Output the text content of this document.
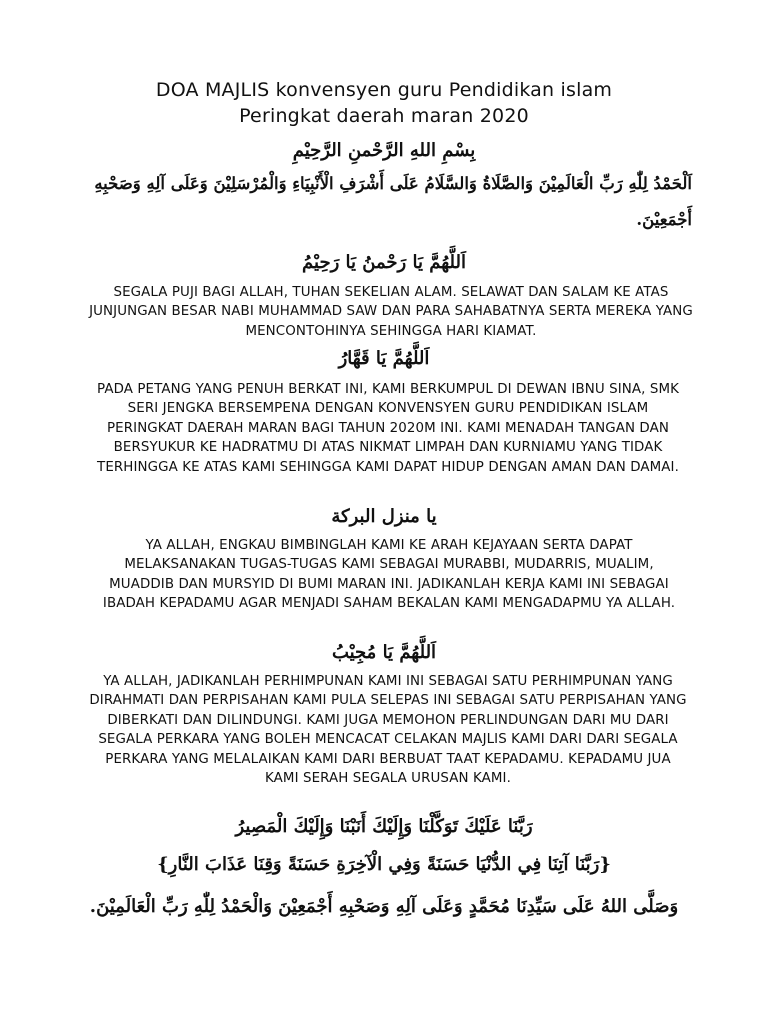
DOA MAJLIS konvensyen guru Pendidikan islam
Peringkat daerah maran 2020
بِسْمِ اللهِ الرَّحْمنِ الرَّحِيْمِ
اَلْحَمْدُ لِلّٰهِ رَبِّ الْعَالَمِيْنَ وَالصَّلَاةُ وَالسَّلَامُ عَلَى أَشْرَفِ الْأَنْبِيَاءِ وَالْمُرْسَلِيْنَ وَعَلَى آلِهِ وَصَحْبِهِ أَجْمَعِيْنَ.
اَللَّهُمَّ يَا رَحْمنُ يَا رَحِيْمُ
SEGALA PUJI BAGI ALLAH, TUHAN SEKELIAN ALAM. SELAWAT DAN SALAM KE ATAS JUNJUNGAN BESAR NABI MUHAMMAD SAW DAN PARA SAHABATNYA SERTA MEREKA YANG MENCONTOHINYA SEHINGGA HARI KIAMAT.
اَللَّهُمَّ يَا قَهَّارُ
PADA PETANG YANG PENUH BERKAT INI, KAMI BERKUMPUL DI DEWAN IBNU SINA, SMK SERI JENGKA BERSEMPENA DENGAN KONVENSYEN GURU PENDIDIKAN ISLAM PERINGKAT DAERAH MARAN BAGI TAHUN 2020M INI. KAMI MENADAH TANGAN DAN BERSYUKUR KE HADRATMU DI ATAS NIKMAT LIMPAH DAN KURNIAMU YANG TIDAK TERHINGGA KE ATAS KAMI SEHINGGA KAMI DAPAT HIDUP DENGAN AMAN DAN DAMAI.
يا منزل البركة
YA ALLAH, ENGKAU BIMBINGLAH KAMI KE ARAH KEJAYAAN SERTA DAPAT MELAKSANAKAN TUGAS-TUGAS KAMI SEBAGAI MURABBI, MUDARRIS, MUALIM, MUADDIB DAN MURSYID DI BUMI MARAN INI. JADIKANLAH KERJA KAMI INI SEBAGAI IBADAH KEPADAMU AGAR MENJADI SAHAM BEKALAN KAMI MENGADAPMU YA ALLAH.
اَللَّهُمَّ يَا مُجِيْبُ
YA ALLAH, JADIKANLAH PERHIMPUNAN KAMI INI SEBAGAI SATU PERHIMPUNAN YANG DIRAHMATI DAN PERPISAHAN KAMI PULA SELEPAS INI SEBAGAI SATU PERPISAHAN YANG DIBERKATI DAN DILINDUNGI. KAMI JUGA MEMOHON PERLINDUNGAN DARI MU DARI SEGALA PERKARA YANG BOLEH MENCACAT CELAKAN MAJLIS KAMI DARI DARI SEGALA PERKARA YANG MELALAIKAN KAMI DARI BERBUAT TAAT KEPADAMU. KEPADAMU JUA KAMI SERAH SEGALA URUSAN KAMI.
رَبَّنَا عَلَيْكَ تَوَكَّلْنَا وَإِلَيْكَ أَنَبْنَا وَإِلَيْكَ الْمَصِيرُ
{رَبَّنَا آتِنَا فِي الدُّنْيَا حَسَنَةً وَفِي الْآخِرَةِ حَسَنَةً وَقِنَا عَذَابَ النَّارِ}
وَصَلَّى اللهُ عَلَى سَيِّدِنَا مُحَمَّدٍ وَعَلَى آلِهِ وَصَحْبِهِ أَجْمَعِيْنَ وَالْحَمْدُ لِلّٰهِ رَبِّ الْعَالَمِيْنَ.
